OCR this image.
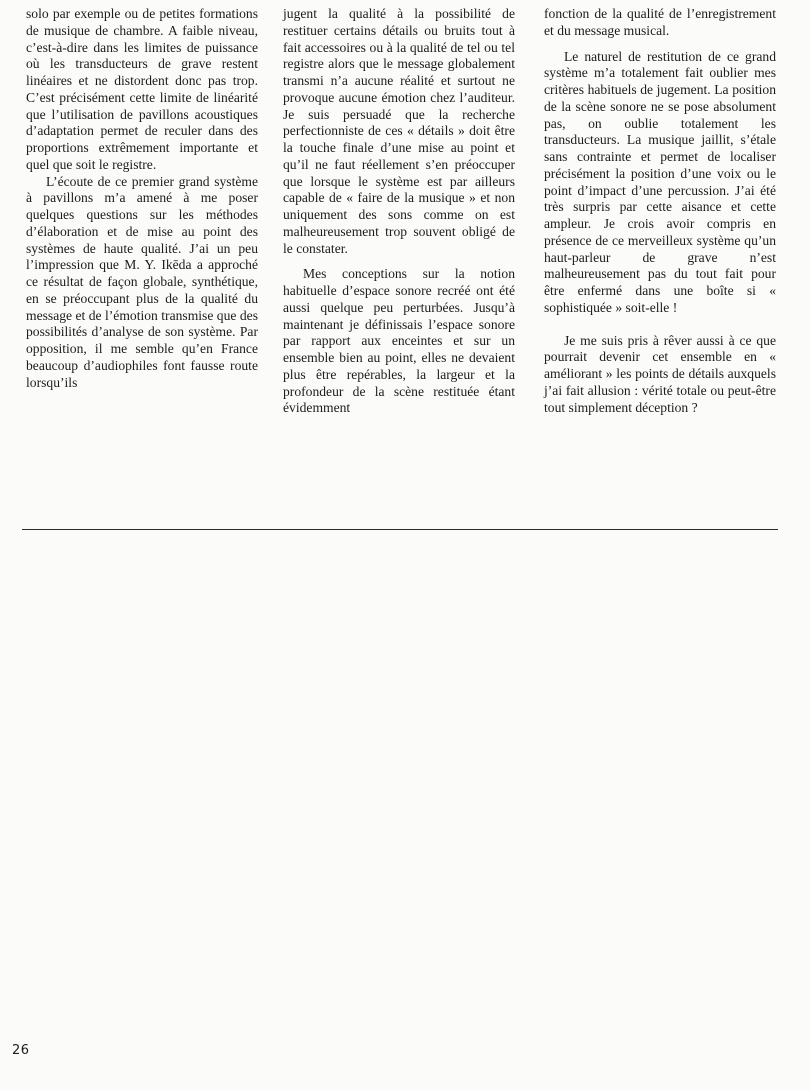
solo par exemple ou de petites formations de musique de chambre. A faible niveau, c’est-à-dire dans les limites de puissance où les transducteurs de grave restent linéaires et ne distordent donc pas trop. C’est précisément cette limite de linéarité que l’utilisation de pavillons acoustiques d’adaptation permet de reculer dans des proportions extrêmement importante et quel que soit le registre.

L’écoute de ce premier grand système à pavillons m’a amené à me poser quelques questions sur les méthodes d’élaboration et de mise au point des systèmes de haute qualité. J’ai un peu l’impression que M. Y. Ikēda a approché ce résultat de façon globale, synthétique, en se préoccupant plus de la qualité du message et de l’émotion transmise que des possibilités d’analyse de son système. Par opposition, il me semble qu’en France beaucoup d’audiophiles font fausse route lorsqu’ils

jugent la qualité à la possibilité de restituer certains détails ou bruits tout à fait accessoires ou à la qualité de tel ou tel registre alors que le message globalement transmi n’a aucune réalité et surtout ne provoque aucune émotion chez l’auditeur. Je suis persuadé que la recherche perfectionniste de ces « détails » doit être la touche finale d’une mise au point et qu’il ne faut réellement s’en préoccuper que lorsque le système est par ailleurs capable de « faire de la musique » et non uniquement des sons comme on est malheureusement trop souvent obligé de le constater.

Mes conceptions sur la notion habituelle d’espace sonore recréé ont été aussi quelque peu perturbées. Jusqu’à maintenant je définissais l’espace sonore par rapport aux enceintes et sur un ensemble bien au point, elles ne devaient plus être repérables, la largeur et la profondeur de la scène restituée étant évidemment

fonction de la qualité de l’enregistrement et du message musical.

Le naturel de restitution de ce grand système m’a totalement fait oublier mes critères habituels de jugement. La position de la scène sonore ne se pose absolument pas, on oublie totalement les transducteurs. La musique jaillit, s’étale sans contrainte et permet de localiser précisément la position d’une voix ou le point d’impact d’une percussion. J’ai été très surpris par cette aisance et cette ampleur. Je crois avoir compris en présence de ce merveilleux système qu’un haut-parleur de grave n’est malheureusement pas du tout fait pour être enfermé dans une boîte si « sophistiquée » soit-elle !

Je me suis pris à rêver aussi à ce que pourrait devenir cet ensemble en « améliorant » les points de détails auxquels j’ai fait allusion : vérité totale ou peut-être tout simplement déception ?

26
